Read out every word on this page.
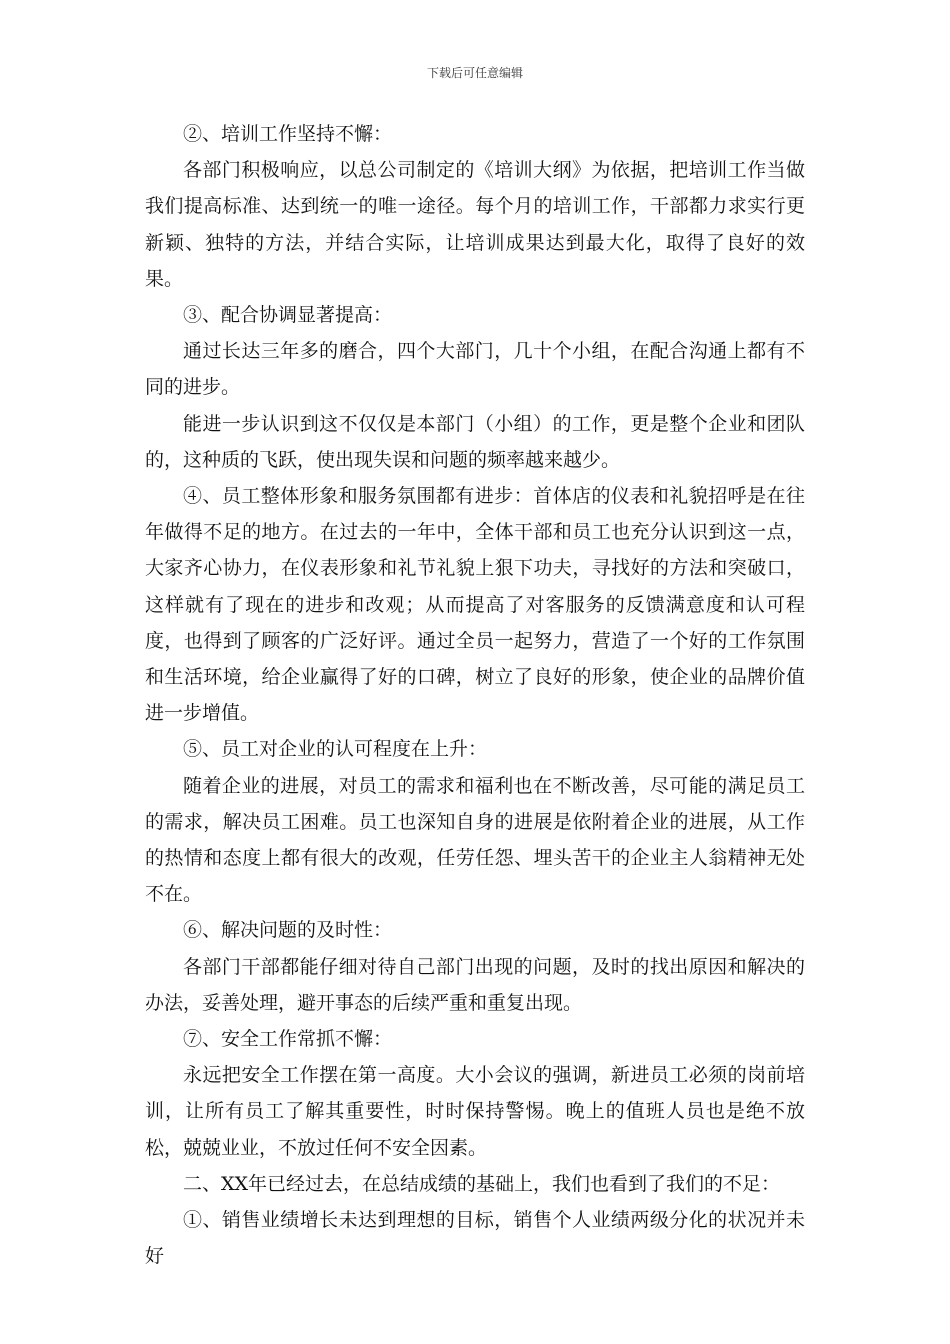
下载后可任意编辑

②、培训工作坚持不懈：

各部门积极响应，以总公司制定的《培训大纲》为依据，把培训工作当做我们提高标准、达到统一的唯一途径。每个月的培训工作，干部都力求实行更新颖、独特的方法，并结合实际，让培训成果达到最大化，取得了良好的效果。

③、配合协调显著提高：

通过长达三年多的磨合，四个大部门，几十个小组，在配合沟通上都有不同的进步。

能进一步认识到这不仅仅是本部门（小组）的工作，更是整个企业和团队的，这种质的飞跃，使出现失误和问题的频率越来越少。

④、员工整体形象和服务氛围都有进步：首体店的仪表和礼貌招呼是在往年做得不足的地方。在过去的一年中，全体干部和员工也充分认识到这一点，大家齐心协力，在仪表形象和礼节礼貌上狠下功夫，寻找好的方法和突破口，这样就有了现在的进步和改观；从而提高了对客服务的反馈满意度和认可程度，也得到了顾客的广泛好评。通过全员一起努力，营造了一个好的工作氛围和生活环境，给企业赢得了好的口碑，树立了良好的形象，使企业的品牌价值进一步增值。

⑤、员工对企业的认可程度在上升：

随着企业的进展，对员工的需求和福利也在不断改善，尽可能的满足员工的需求，解决员工困难。员工也深知自身的进展是依附着企业的进展，从工作的热情和态度上都有很大的改观，任劳任怨、埋头苦干的企业主人翁精神无处不在。

⑥、解决问题的及时性：

各部门干部都能仔细对待自己部门出现的问题，及时的找出原因和解决的办法，妥善处理，避开事态的后续严重和重复出现。

⑦、安全工作常抓不懈：

永远把安全工作摆在第一高度。大小会议的强调，新进员工必须的岗前培训，让所有员工了解其重要性，时时保持警惕。晚上的值班人员也是绝不放松，兢兢业业，不放过任何不安全因素。

二、XX年已经过去，在总结成绩的基础上，我们也看到了我们的不足：

①、销售业绩增长未达到理想的目标，销售个人业绩两级分化的状况并未好
